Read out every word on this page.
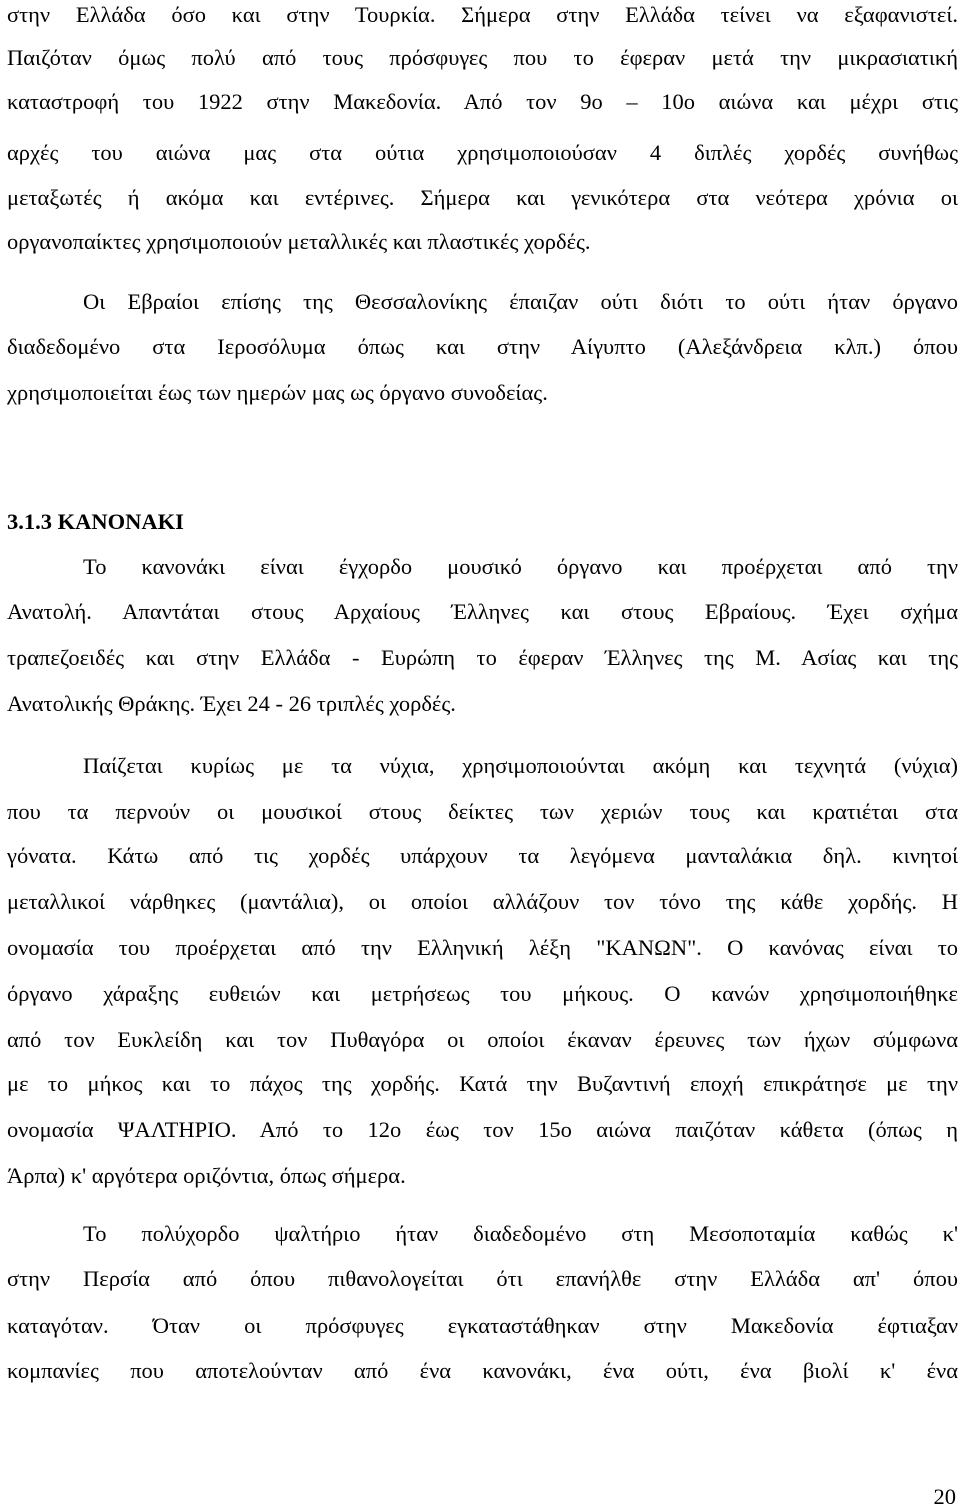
στην Ελλάδα όσο και στην Τουρκία. Σήμερα στην Ελλάδα τείνει να εξαφανιστεί.
Παιζόταν όμως πολύ από τους πρόσφυγες που το έφεραν μετά την μικρασιατική
καταστροφή του 1922 στην Μακεδονία. Από τον 9ο – 10ο αιώνα και μέχρι στις
αρχές του αιώνα μας στα ούτια χρησιμοποιούσαν 4 διπλές χορδές συνήθως
μεταξωτές ή ακόμα και εντέρινες. Σήμερα και γενικότερα στα νεότερα χρόνια οι
οργανοπαίκτες χρησιμοποιούν μεταλλικές και πλαστικές χορδές.
Οι Εβραίοι επίσης της Θεσσαλονίκης έπαιζαν ούτι διότι το ούτι ήταν όργανο
διαδεδομένο στα Ιεροσόλυμα όπως και στην Αίγυπτο (Αλεξάνδρεια κλπ.) όπου
χρησιμοποιείται έως των ημερών μας ως όργανο συνοδείας.
3.1.3 ΚΑΝΟΝΑΚΙ
Το κανονάκι είναι έγχορδο μουσικό όργανο και προέρχεται από την
Ανατολή. Απαντάται στους Αρχαίους Έλληνες και στους Εβραίους. Έχει σχήμα
τραπεζοειδές και στην Ελλάδα - Ευρώπη το έφεραν Έλληνες της Μ. Ασίας και της
Ανατολικής Θράκης. Έχει 24 - 26 τριπλές χορδές.
Παίζεται κυρίως με τα νύχια, χρησιμοποιούνται ακόμη και τεχνητά (νύχια)
που τα περνούν οι μουσικοί στους δείκτες των χεριών τους και κρατιέται στα
γόνατα. Κάτω από τις χορδές υπάρχουν τα λεγόμενα μανταλάκια δηλ. κινητοί
μεταλλικοί νάρθηκες (μαντάλια), οι οποίοι αλλάζουν τον τόνο της κάθε χορδής. Η
ονομασία του προέρχεται από την Ελληνική λέξη "ΚΑΝΩΝ". Ο κανόνας είναι το
όργανο χάραξης ευθειών και μετρήσεως του μήκους. Ο κανών χρησιμοποιήθηκε
από τον Ευκλείδη και τον Πυθαγόρα οι οποίοι έκαναν έρευνες των ήχων σύμφωνα
με το μήκος και το πάχος της χορδής. Κατά την Βυζαντινή εποχή επικράτησε με την
ονομασία ΨΑΛΤΗΡΙΟ. Από το 12ο έως τον 15ο αιώνα παιζόταν κάθετα (όπως η
Άρπα) κ' αργότερα οριζόντια, όπως σήμερα.
Το πολύχορδο ψαλτήριο ήταν διαδεδομένο στη Μεσοποταμία καθώς κ'
στην Περσία από όπου πιθανολογείται ότι επανήλθε στην Ελλάδα απ' όπου
καταγόταν. Όταν οι πρόσφυγες εγκαταστάθηκαν στην Μακεδονία έφτιαξαν
κομπανίες που αποτελούνταν από ένα κανονάκι, ένα ούτι, ένα βιολί κ' ένα
20
